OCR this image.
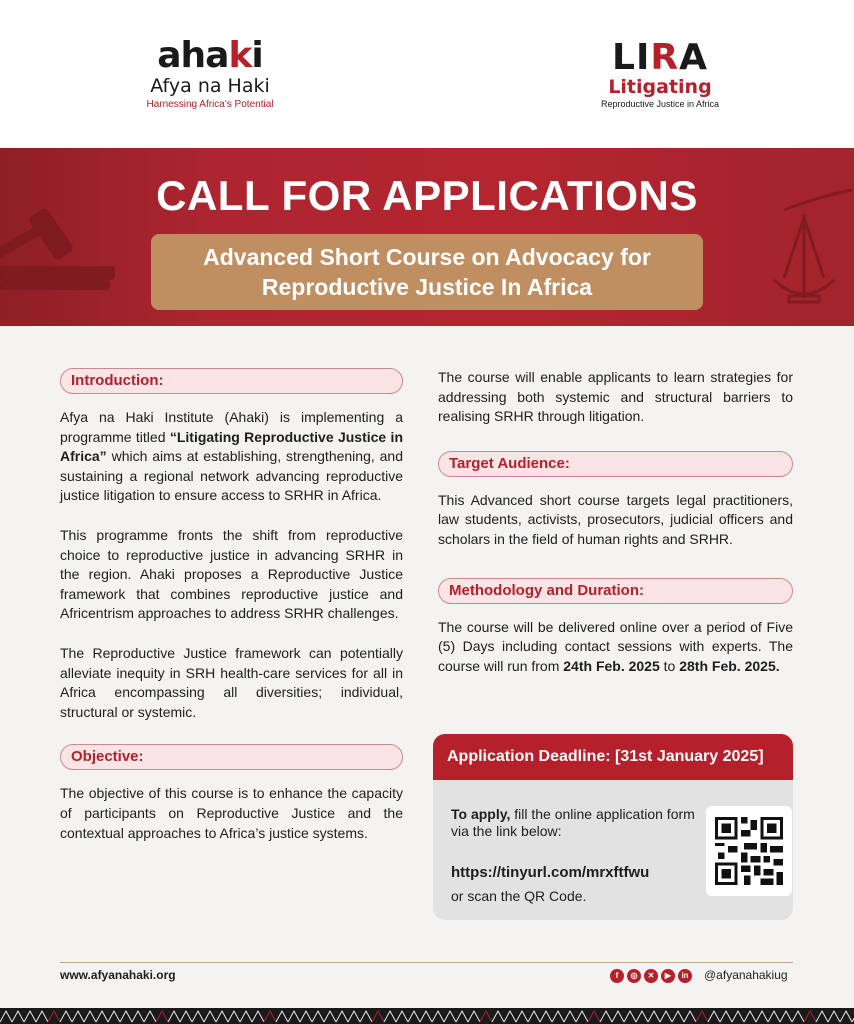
ahaki
Afya na Haki
Harnessing Africa's Potential
LIRA
Litigating
Reproductive Justice in Africa
CALL FOR APPLICATIONS
Advanced Short Course on Advocacy for Reproductive Justice In Africa
Introduction:

Afya na Haki Institute (Ahaki) is implementing a programme titled “Litigating Reproductive Justice in Africa” which aims at establishing, strengthening, and sustaining a regional network advancing reproductive justice litigation to ensure access to SRHR in Africa.

This programme fronts the shift from reproductive choice to reproductive justice in advancing SRHR in the region. Ahaki proposes a Reproductive Justice framework that combines reproductive justice and Africentrism approaches to address SRHR challenges.

The Reproductive Justice framework can potentially alleviate inequity in SRH health-care services for all in Africa encompassing all diversities; individual, structural or systemic.

Objective:

The objective of this course is to enhance the capacity of participants on Reproductive Justice and the contextual approaches to Africa’s justice systems.

The course will enable applicants to learn strategies for addressing both systemic and structural barriers to realising SRHR through litigation.

Target Audience:

This Advanced short course targets legal practitioners, law students, activists, prosecutors, judicial officers and scholars in the field of human rights and SRHR.

Methodology and Duration:

The course will be delivered online over a period of Five (5) Days including contact sessions with experts. The course will run from 24th Feb. 2025 to 28th Feb. 2025.

Application Deadline: [31st January 2025]
To apply, fill the online application form via the link below:
https://tinyurl.com/mrxftfwu
or scan the QR Code.
www.afyanahaki.org	f	◎	✕	▶	in @afyanahakiug
